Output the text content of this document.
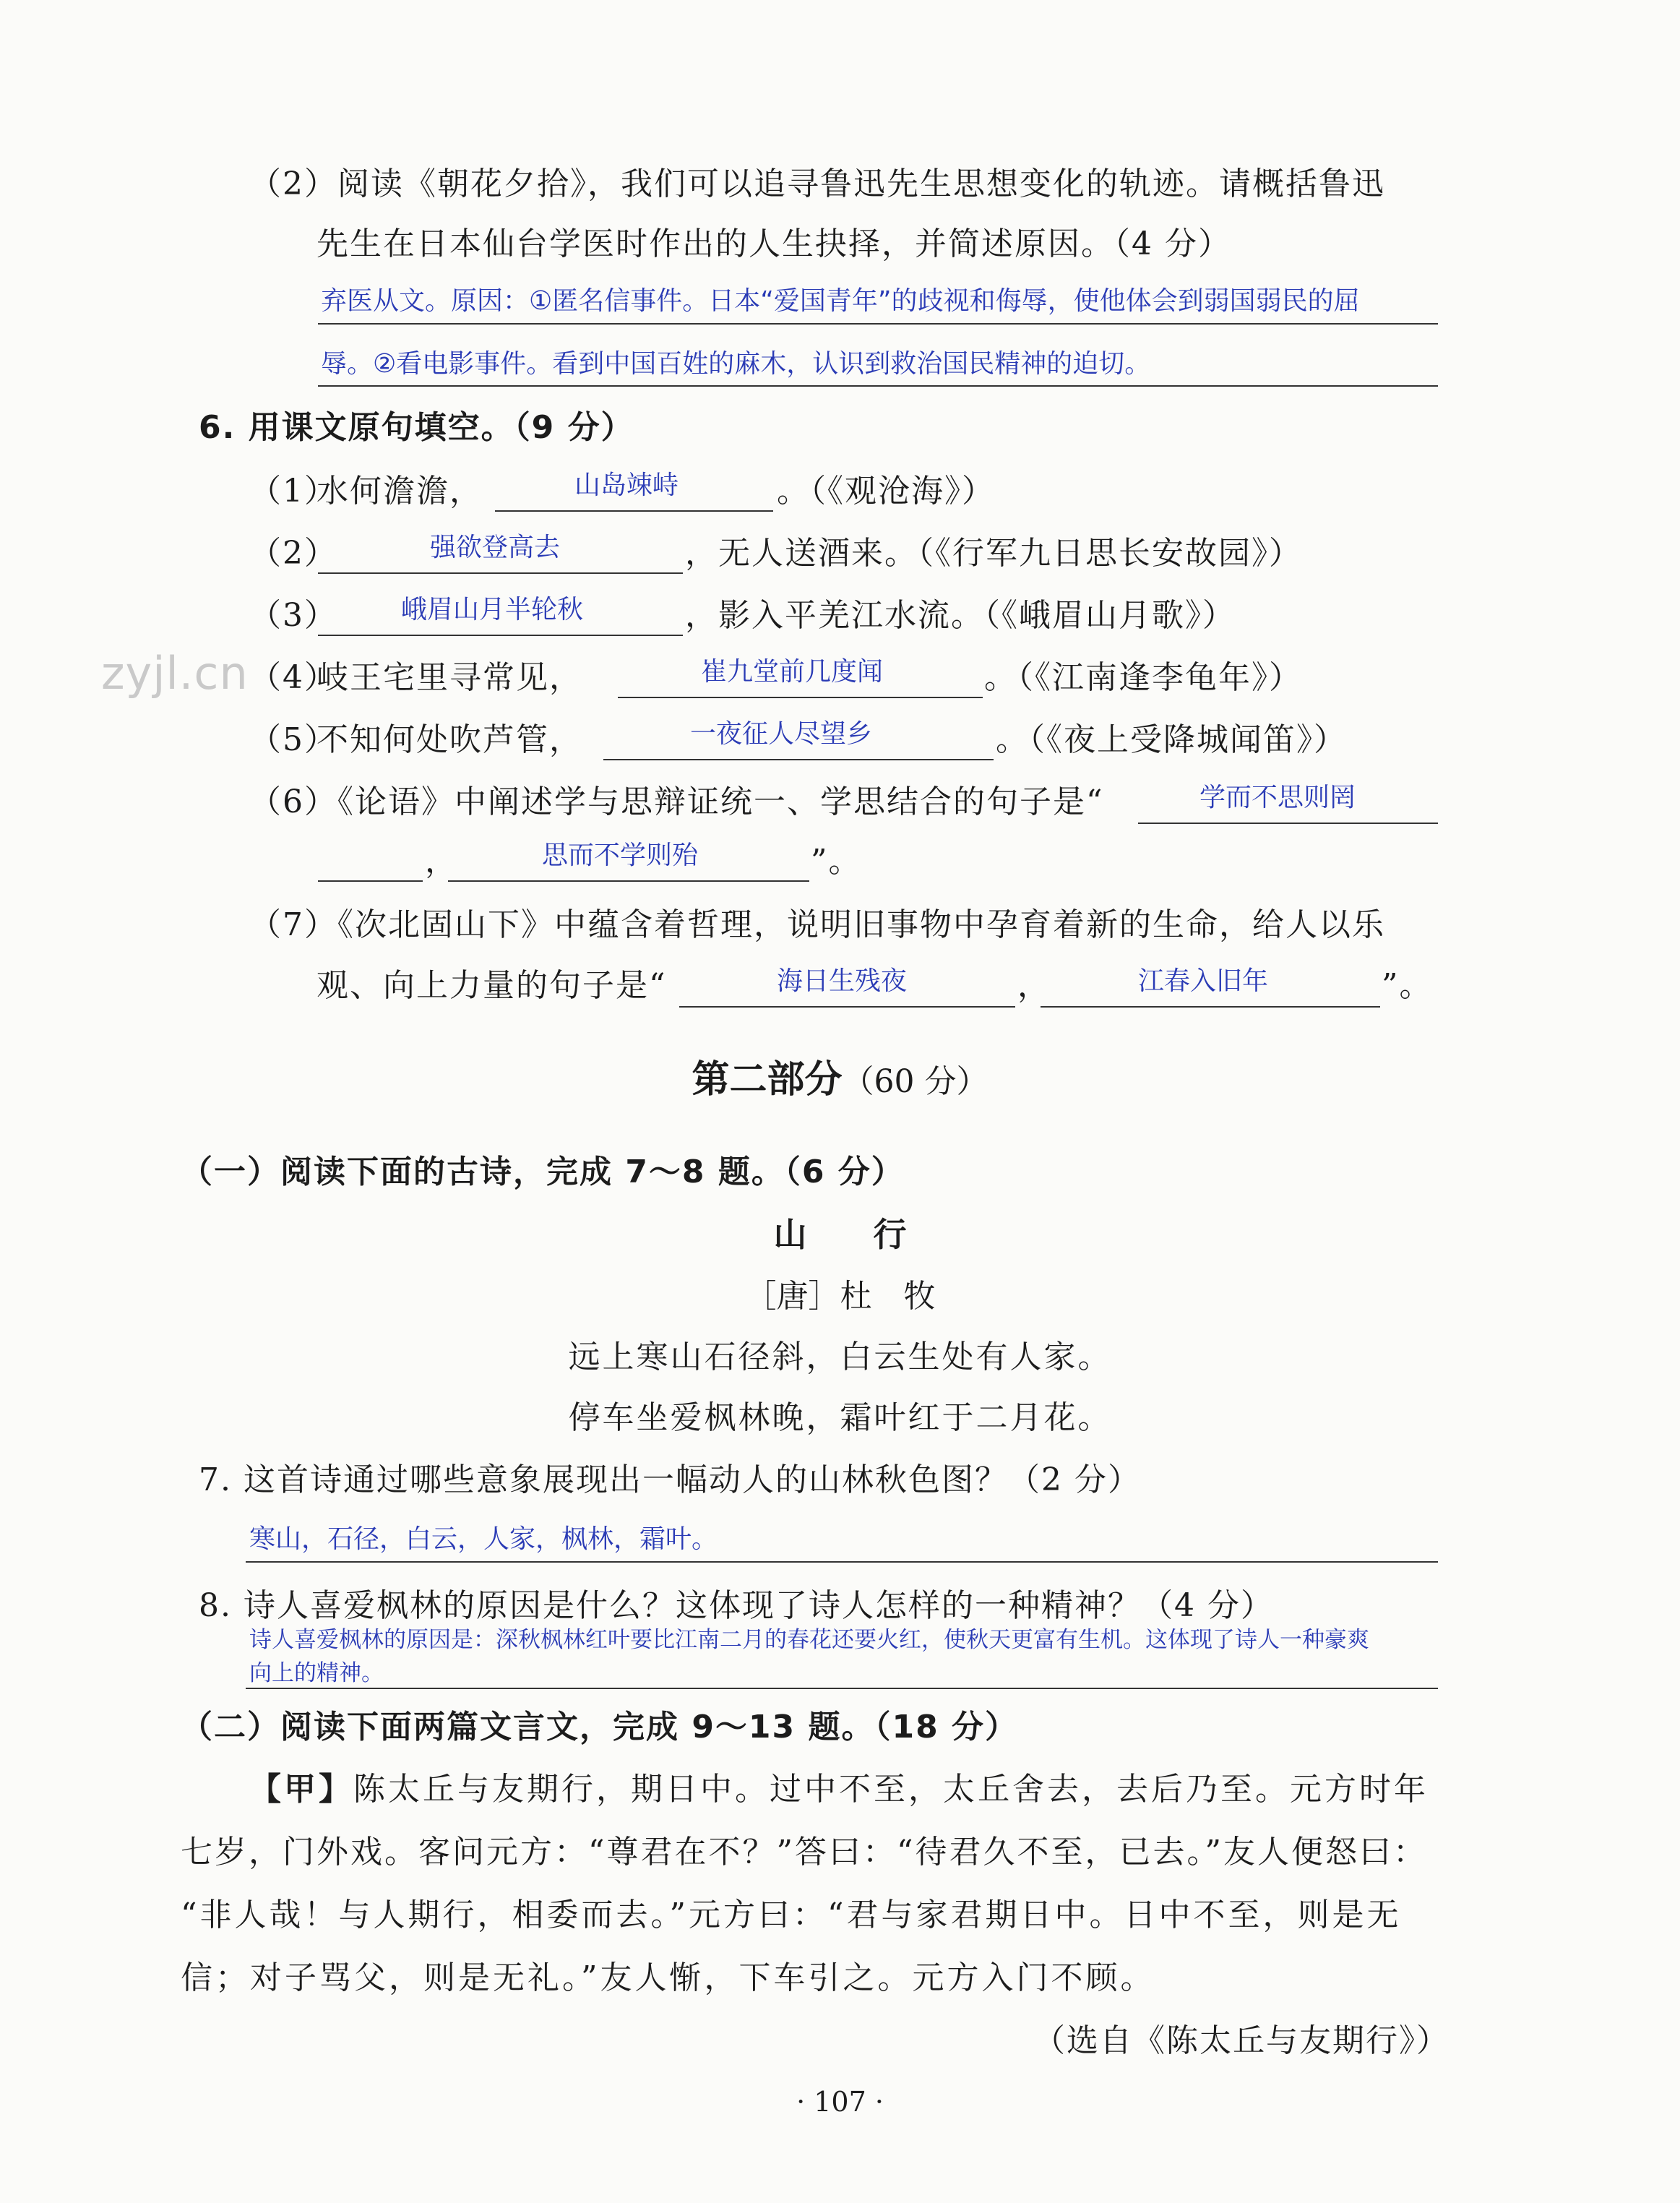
zyjl.cn
（2）阅读《朝花夕拾》，我们可以追寻鲁迅先生思想变化的轨迹。请概括鲁迅
先生在日本仙台学医时作出的人生抉择，并简述原因。（4 分）
弃医从文。原因：①匿名信事件。日本“爱国青年”的歧视和侮辱，使他体会到弱国弱民的屈
辱。②看电影事件。看到中国百姓的麻木，认识到救治国民精神的迫切。
6. 用课文原句填空。（9 分）
（1）
水何澹澹，	山岛竦峙	。（《观沧海》）
（2）	强欲登高去	，无人送酒来。（《行军九日思长安故园》）
（3） 峨眉山月半轮秋	，影入平羌江水流。（《峨眉山月歌》）
（4）
岐王宅里寻常见，	崔九堂前几度闻	。（《江南逢李龟年》）
（5）
不知何处吹芦管，	一夜征人尽望乡	。（《夜上受降城闻笛》）
（6）《论语》中阐述学与思辩证统一、学思结合的句子是“	学而不思则罔
，	思而不学则殆	”。
（7）《次北固山下》中蕴含着哲理，说明旧事物中孕育着新的生命，给人以乐
观、向上力量的句子是“	海日生残夜	，	江春入旧年	”。
第二部分（60 分）
（一）阅读下面的古诗，完成 7～8 题。（6 分）
山　　行
［唐］杜　牧
远上寒山石径斜，白云生处有人家。
停车坐爱枫林晚，霜叶红于二月花。
7. 这首诗通过哪些意象展现出一幅动人的山林秋色图？（2 分）
寒山，石径，白云，人家，枫林，霜叶。
8. 诗人喜爱枫林的原因是什么？这体现了诗人怎样的一种精神？（4 分）
诗人喜爱枫林的原因是：深秋枫林红叶要比江南二月的春花还要火红，使秋天更富有生机。这体现了诗人一种豪爽
向上的精神。
（二）阅读下面两篇文言文，完成 9～13 题。（18 分）
【甲】陈太丘与友期行，期日中。过中不至，太丘舍去，去后乃至。元方时年
七岁，门外戏。客问元方：“尊君在不？”答曰：“待君久不至，已去。”友人便怒曰：
“非人哉！与人期行，相委而去。”元方曰：“君与家君期日中。日中不至，则是无
信；对子骂父，则是无礼。”友人惭，下车引之。元方入门不顾。
（选自《陈太丘与友期行》）
· 107 ·
